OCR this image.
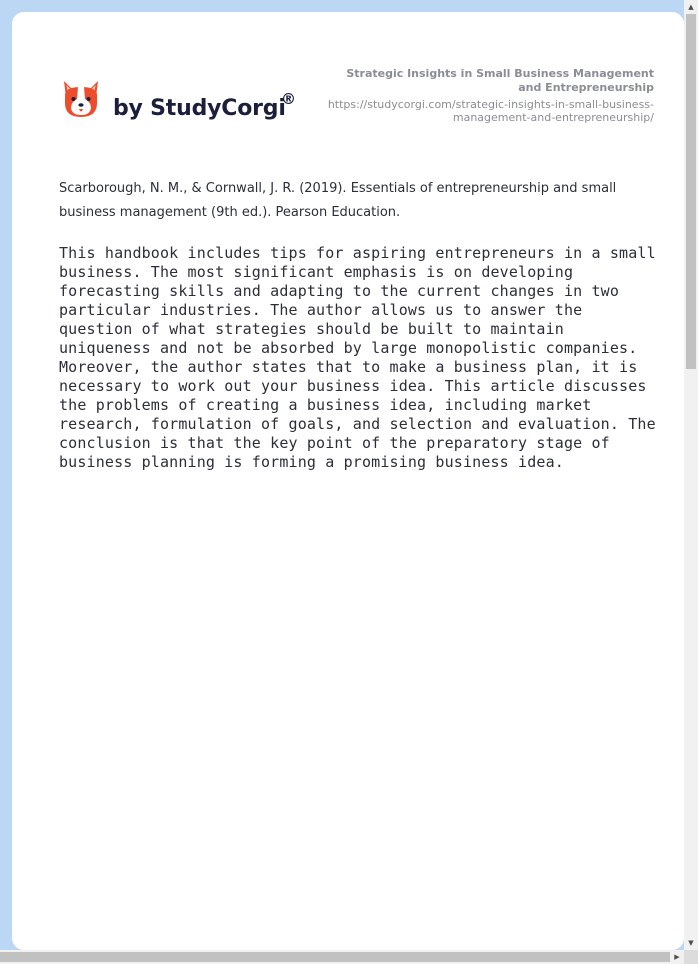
by StudyCorgi
®
Strategic Insights in Small Business Management and Entrepreneurship
https://studycorgi.com/strategic-insights-in-small-business-management-and-entrepreneurship/
Scarborough, N. M., & Cornwall, J. R. (2019). Essentials of entrepreneurship and small business management (9th ed.). Pearson Education.
This handbook includes tips for aspiring entrepreneurs in a small business. The most significant emphasis is on developing forecasting skills and adapting to the current changes in two particular industries. The author allows us to answer the question of what strategies should be built to maintain uniqueness and not be absorbed by large monopolistic companies. Moreover, the author states that to make a business plan, it is necessary to work out your business idea. This article discusses the problems of creating a business idea, including market research, formulation of goals, and selection and evaluation. The conclusion is that the key point of the preparatory stage of business planning is forming a promising business idea.
▲
▼
▶
